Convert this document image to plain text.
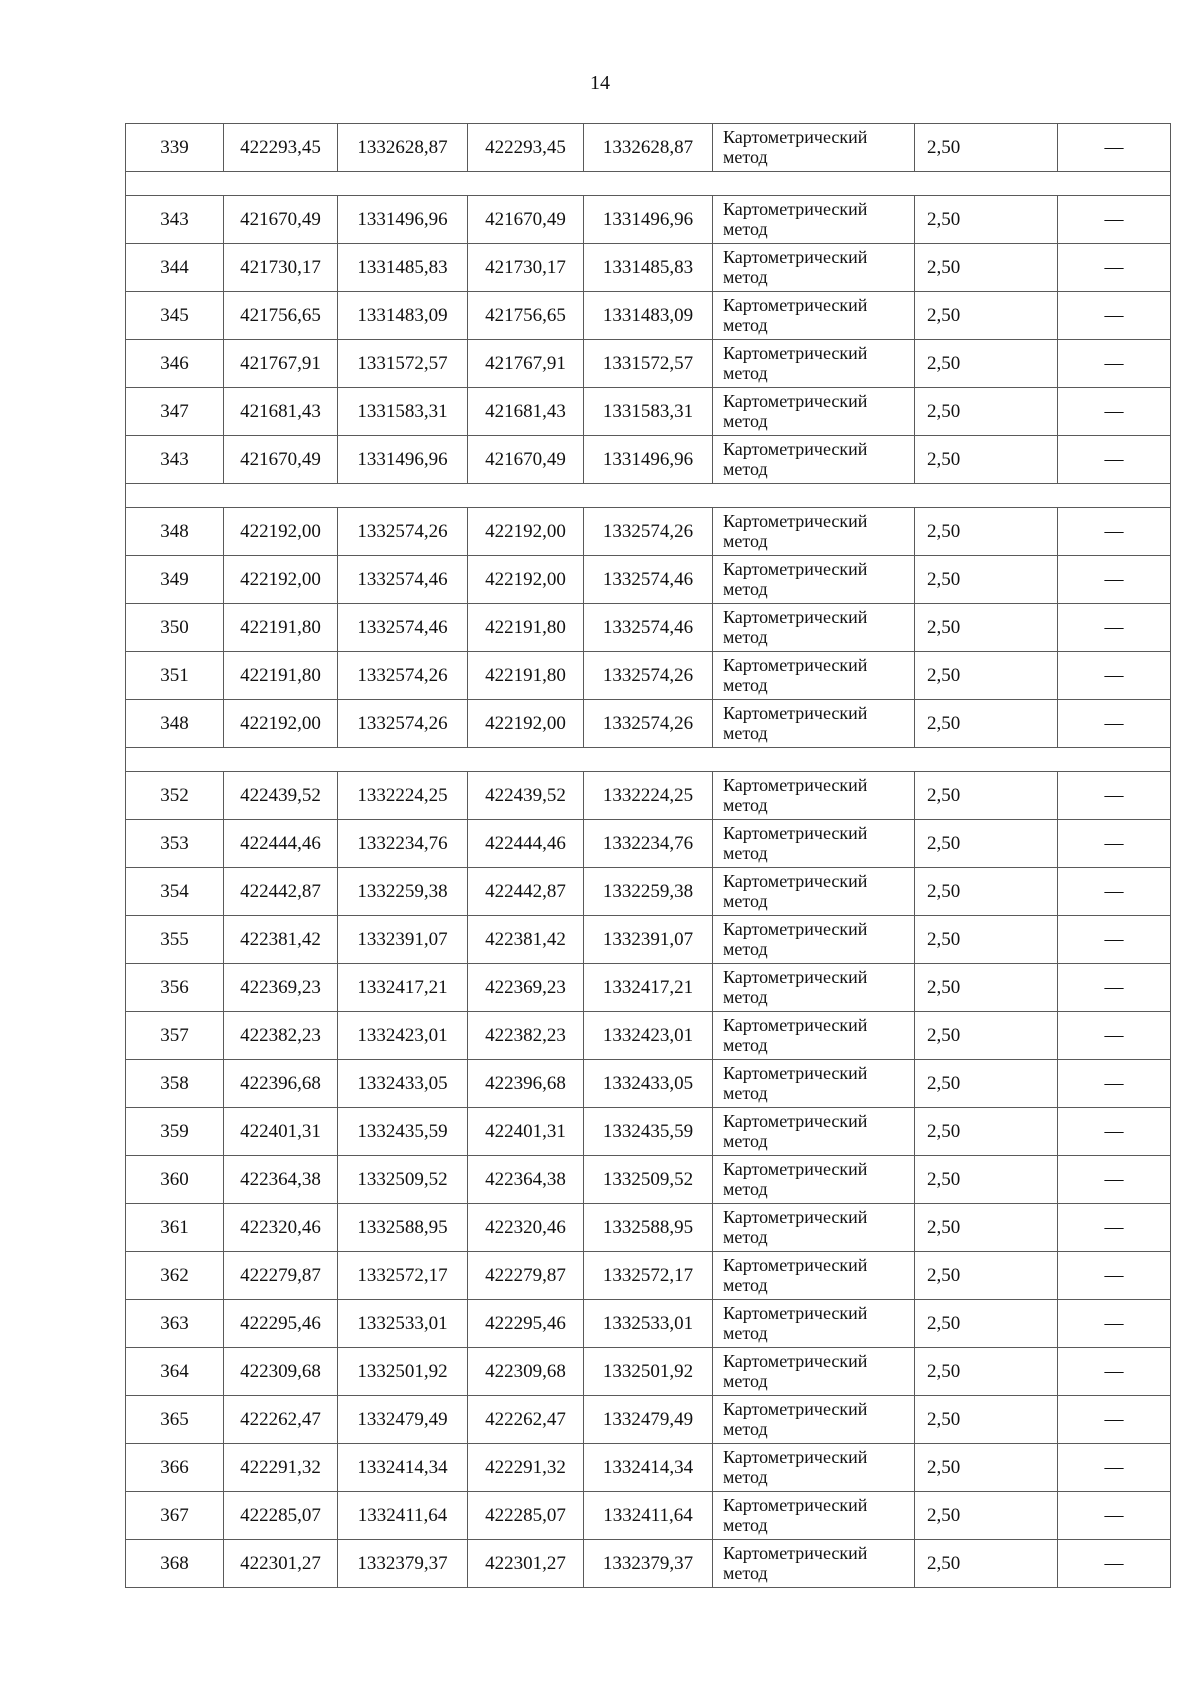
14
339	422293,45	1332628,87	422293,45	1332628,87	Картометрический метод	2,50	—

343	421670,49	1331496,96	421670,49	1331496,96	Картометрический метод	2,50	—
344	421730,17	1331485,83	421730,17	1331485,83	Картометрический метод	2,50	—
345	421756,65	1331483,09	421756,65	1331483,09	Картометрический метод	2,50	—
346	421767,91	1331572,57	421767,91	1331572,57	Картометрический метод	2,50	—
347	421681,43	1331583,31	421681,43	1331583,31	Картометрический метод	2,50	—
343	421670,49	1331496,96	421670,49	1331496,96	Картометрический метод	2,50	—

348	422192,00	1332574,26	422192,00	1332574,26	Картометрический метод	2,50	—
349	422192,00	1332574,46	422192,00	1332574,46	Картометрический метод	2,50	—
350	422191,80	1332574,46	422191,80	1332574,46	Картометрический метод	2,50	—
351	422191,80	1332574,26	422191,80	1332574,26	Картометрический метод	2,50	—
348	422192,00	1332574,26	422192,00	1332574,26	Картометрический метод	2,50	—

352	422439,52	1332224,25	422439,52	1332224,25	Картометрический метод	2,50	—
353	422444,46	1332234,76	422444,46	1332234,76	Картометрический метод	2,50	—
354	422442,87	1332259,38	422442,87	1332259,38	Картометрический метод	2,50	—
355	422381,42	1332391,07	422381,42	1332391,07	Картометрический метод	2,50	—
356	422369,23	1332417,21	422369,23	1332417,21	Картометрический метод	2,50	—
357	422382,23	1332423,01	422382,23	1332423,01	Картометрический метод	2,50	—
358	422396,68	1332433,05	422396,68	1332433,05	Картометрический метод	2,50	—
359	422401,31	1332435,59	422401,31	1332435,59	Картометрический метод	2,50	—
360	422364,38	1332509,52	422364,38	1332509,52	Картометрический метод	2,50	—
361	422320,46	1332588,95	422320,46	1332588,95	Картометрический метод	2,50	—
362	422279,87	1332572,17	422279,87	1332572,17	Картометрический метод	2,50	—
363	422295,46	1332533,01	422295,46	1332533,01	Картометрический метод	2,50	—
364	422309,68	1332501,92	422309,68	1332501,92	Картометрический метод	2,50	—
365	422262,47	1332479,49	422262,47	1332479,49	Картометрический метод	2,50	—
366	422291,32	1332414,34	422291,32	1332414,34	Картометрический метод	2,50	—
367	422285,07	1332411,64	422285,07	1332411,64	Картометрический метод	2,50	—
368	422301,27	1332379,37	422301,27	1332379,37	Картометрический метод	2,50	—
